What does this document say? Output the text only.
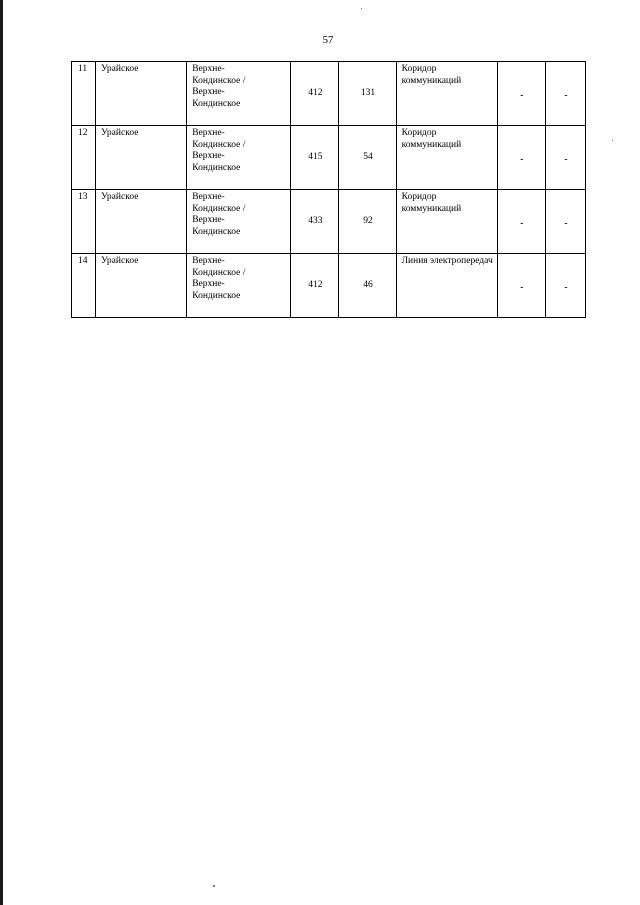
57
11	Урайское	Верхне-
Кондинское /
Верхне-
Кондинское	412	131	Коридор коммуникаций	-	-
12	Урайское	Верхне-
Кондинское /
Верхне-
Кондинское	415	54	Коридор коммуникаций	-	-
13	Урайское	Верхне-
Кондинское /
Верхне-
Кондинское	433	92	Коридор коммуникаций	-	-
14	Урайское	Верхне-
Кондинское /
Верхне-
Кондинское	412	46	Линия электропередач	-	-
